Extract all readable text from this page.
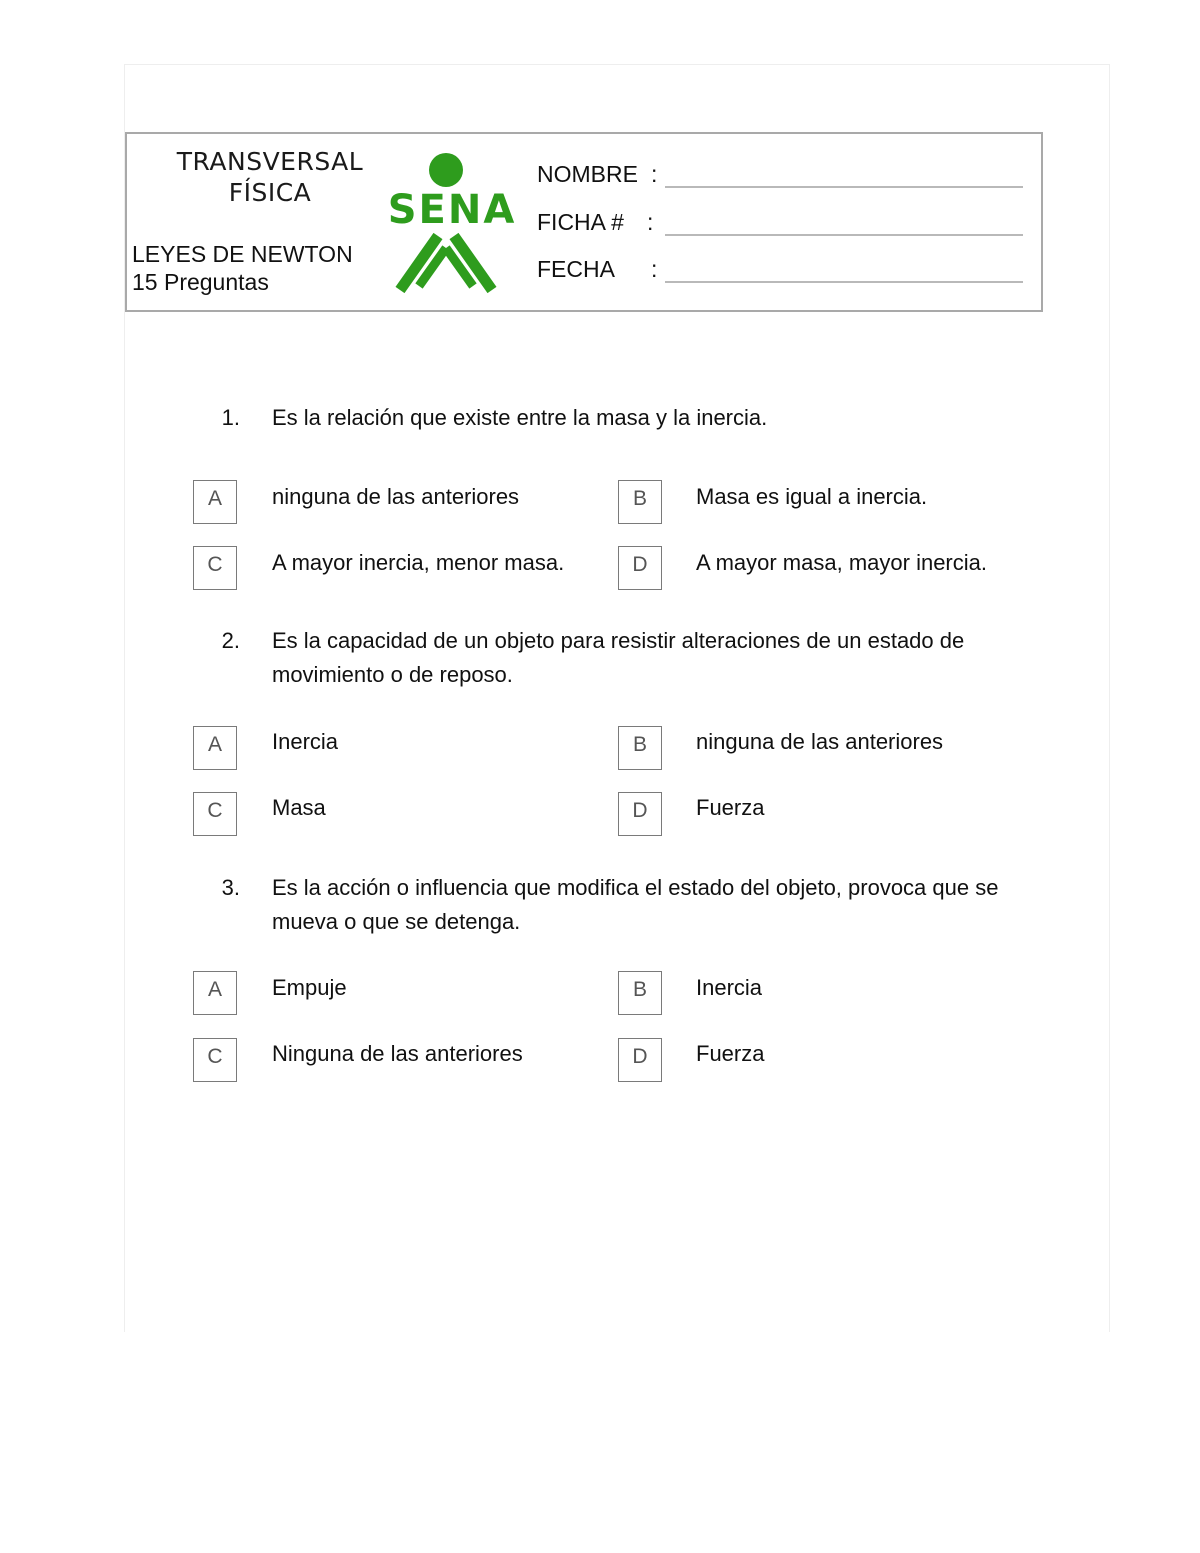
TRANSVERSAL
FÍSICA
LEYES DE NEWTON
15 Preguntas
SENA
NOMBRE :
FICHA # :
FECHA :
1. Es la relación que existe entre la masa y la inercia.
A	ninguna de las anteriores	B	Masa es igual a inercia.
C	A mayor inercia, menor masa.	D	A mayor masa, mayor inercia.
2. Es la capacidad de un objeto para resistir alteraciones de un estado de movimiento o de reposo.
A	Inercia	B	ninguna de las anteriores
C	Masa	D	Fuerza
3. Es la acción o influencia que modifica el estado del objeto, provoca que se mueva o que se detenga.
A	Empuje	B	Inercia
C	Ninguna de las anteriores	D	Fuerza
